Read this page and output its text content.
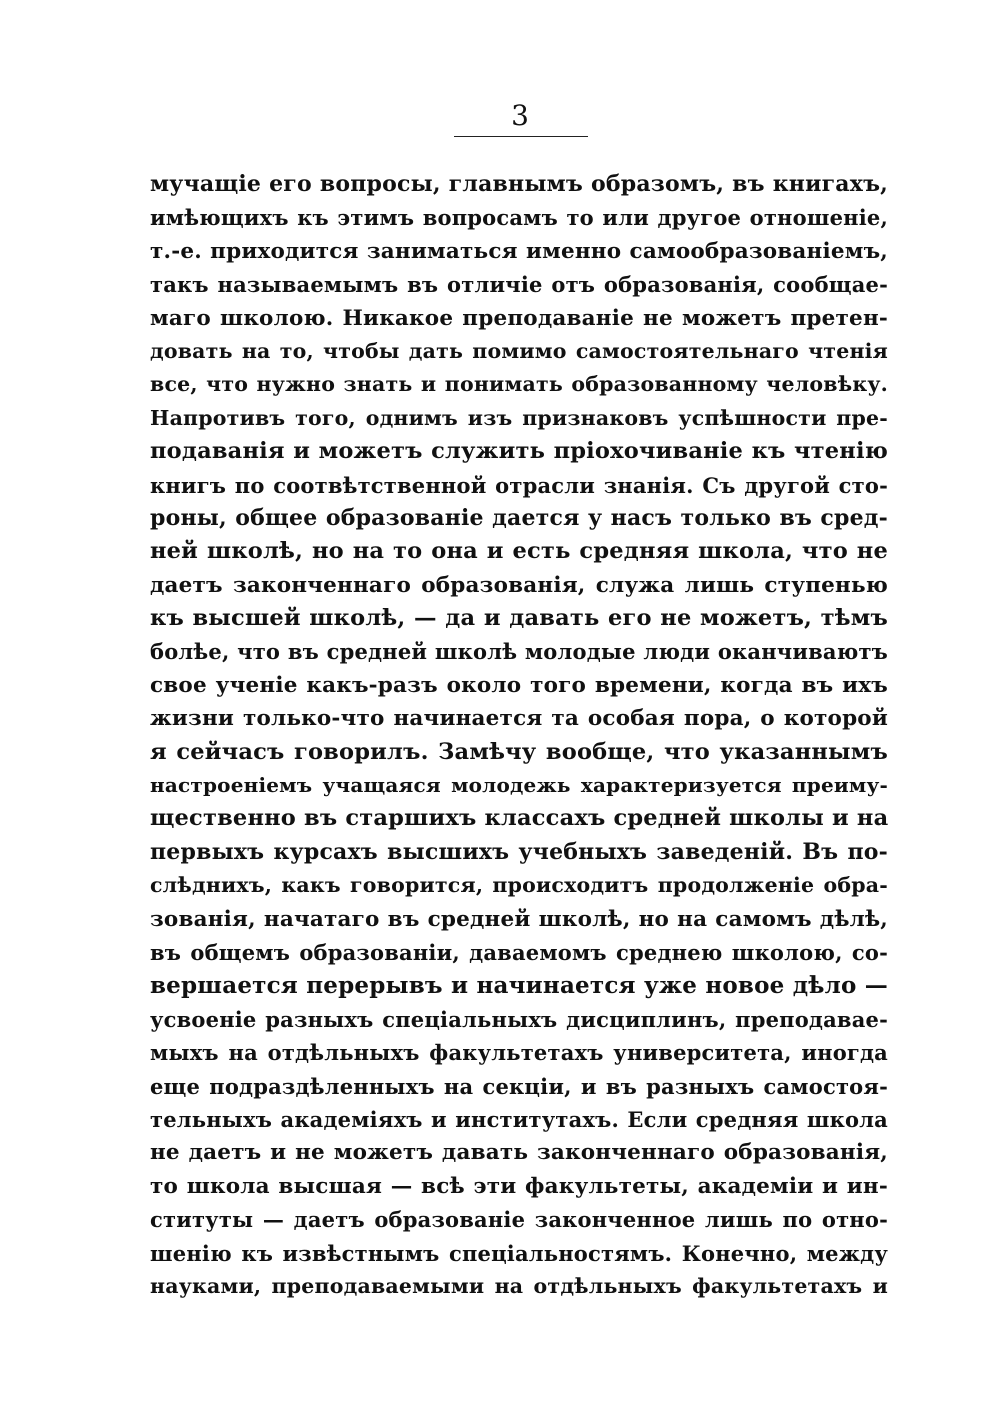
3
мучащіе его вопросы, главнымъ образомъ, въ книгахъ,
имѣющихъ къ этимъ вопросамъ то или другое отношеніе,
т.-е. приходится заниматься именно самообразованіемъ,
такъ называемымъ въ отличіе отъ образованія, сообщае-
маго школою. Никакое преподаваніе не можетъ претен-
довать на то, чтобы дать помимо самостоятельнаго чтенія
все, что нужно знать и понимать образованному человѣку.
Напротивъ того, однимъ изъ признаковъ успѣшности пре-
подаванія и можетъ служить пріохочиваніе къ чтенію
книгъ по соотвѣтственной отрасли знанія. Съ другой сто-
роны, общее образованіе дается у насъ только въ сред-
ней школѣ, но на то она и есть средняя школа, что не
даетъ законченнаго образованія, служа лишь ступенью
къ высшей школѣ, — да и давать его не можетъ, тѣмъ
болѣе, что въ средней школѣ молодые люди оканчиваютъ
свое ученіе какъ-разъ около того времени, когда въ ихъ
жизни только-что начинается та особая пора, о которой
я сейчасъ говорилъ. Замѣчу вообще, что указаннымъ
настроеніемъ учащаяся молодежь характеризуется преиму-
щественно въ старшихъ классахъ средней школы и на
первыхъ курсахъ высшихъ учебныхъ заведеній. Въ по-
слѣднихъ, какъ говорится, происходитъ продолженіе обра-
зованія, начатаго въ средней школѣ, но на самомъ дѣлѣ,
въ общемъ образованіи, даваемомъ среднею школою, со-
вершается перерывъ и начинается уже новое дѣло —
усвоеніе разныхъ спеціальныхъ дисциплинъ, преподавае-
мыхъ на отдѣльныхъ факультетахъ университета, иногда
еще подраздѣленныхъ на секціи, и въ разныхъ самостоя-
тельныхъ академіяхъ и институтахъ. Если средняя школа
не даетъ и не можетъ давать законченнаго образованія,
то школа высшая — всѣ эти факультеты, академіи и ин-
ституты — даетъ образованіе законченное лишь по отно-
шенію къ извѣстнымъ спеціальностямъ. Конечно, между
науками, преподаваемыми на отдѣльныхъ факультетахъ и
